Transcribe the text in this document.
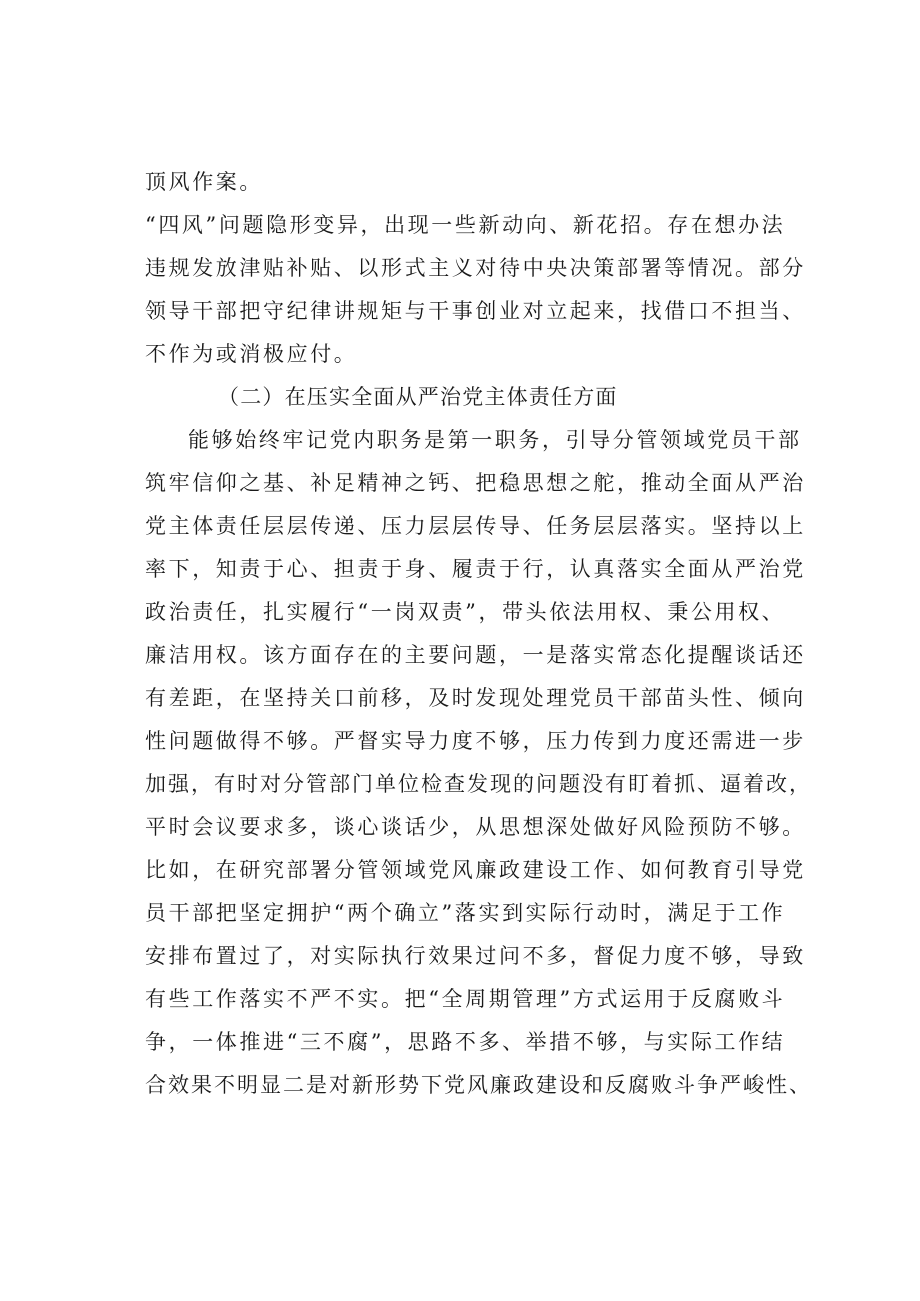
顶风作案。
“四风”问题隐形变异，出现一些新动向、新花招。存在想办法
违规发放津贴补贴、以形式主义对待中央决策部署等情况。部分
领导干部把守纪律讲规矩与干事创业对立起来，找借口不担当、
不作为或消极应付。
（二）在压实全面从严治党主体责任方面
能够始终牢记党内职务是第一职务，引导分管领域党员干部
筑牢信仰之基、补足精神之钙、把稳思想之舵，推动全面从严治
党主体责任层层传递、压力层层传导、任务层层落实。坚持以上
率下，知责于心、担责于身、履责于行，认真落实全面从严治党
政治责任，扎实履行“一岗双责”，带头依法用权、秉公用权、
廉洁用权。该方面存在的主要问题，一是落实常态化提醒谈话还
有差距，在坚持关口前移，及时发现处理党员干部苗头性、倾向
性问题做得不够。严督实导力度不够，压力传到力度还需进一步
加强，有时对分管部门单位检查发现的问题没有盯着抓、逼着改，
平时会议要求多，谈心谈话少，从思想深处做好风险预防不够。
比如，在研究部署分管领域党风廉政建设工作、如何教育引导党
员干部把坚定拥护“两个确立”落实到实际行动时，满足于工作
安排布置过了，对实际执行效果过问不多，督促力度不够，导致
有些工作落实不严不实。把“全周期管理”方式运用于反腐败斗
争，一体推进“三不腐”，思路不多、举措不够，与实际工作结
合效果不明显二是对新形势下党风廉政建设和反腐败斗争严峻性、
